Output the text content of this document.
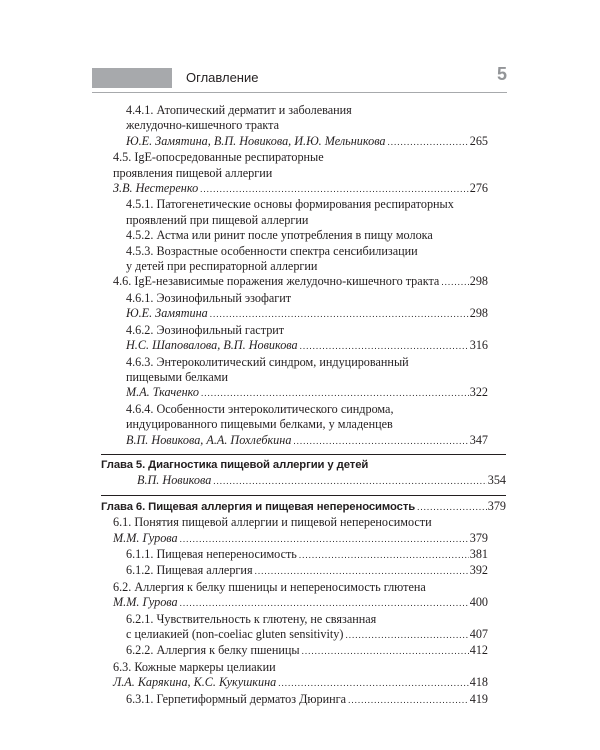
Оглавление	5
4.4.1. Атопический дерматит и заболевания желудочно-кишечного тракта
Ю.Е. Замятина, В.П. Новикова, И.Ю. Мельникова .....	265
4.5. IgE-опосредованные респираторные проявления пищевой аллергии
З.В. Нестеренко .....	276
4.5.1. Патогенетические основы формирования респираторных проявлений при пищевой аллергии
4.5.2. Астма или ринит после употребления в пищу молока
4.5.3. Возрастные особенности спектра сенсибилизации у детей при респираторной аллергии
4.6. IgE-независимые поражения желудочно-кишечного тракта ..... 298
4.6.1. Эозинофильный эзофагит
Ю.Е. Замятина .....	298
4.6.2. Эозинофильный гастрит
Н.С. Шаповалова, В.П. Новикова .....	316
4.6.3. Энтероколитический синдром, индуцированный пищевыми белками
М.А. Ткаченко .....	322
4.6.4. Особенности энтероколитического синдрома, индуцированного пищевыми белками, у младенцев
В.П. Новикова, А.А. Похлебкина .....	347
Глава 5. Диагностика пищевой аллергии у детей
В.П. Новикова .....	354
Глава 6. Пищевая аллергия и пищевая непереносимость .....	379
6.1. Понятия пищевой аллергии и пищевой непереносимости
М.М. Гурова .....	379
6.1.1. Пищевая непереносимость .....	381
6.1.2. Пищевая аллергия .....	392
6.2. Аллергия к белку пшеницы и непереносимость глютена
М.М. Гурова .....	400
6.2.1. Чувствительность к глютену, не связанная
с целиакией (non-coeliac gluten sensitivity) .....	407
6.2.2. Аллергия к белку пшеницы .....	412
6.3. Кожные маркеры целиакии
Л.А. Карякина, К.С. Кукушкина .....	418
6.3.1. Герпетиформный дерматоз Дюринга .....	419
